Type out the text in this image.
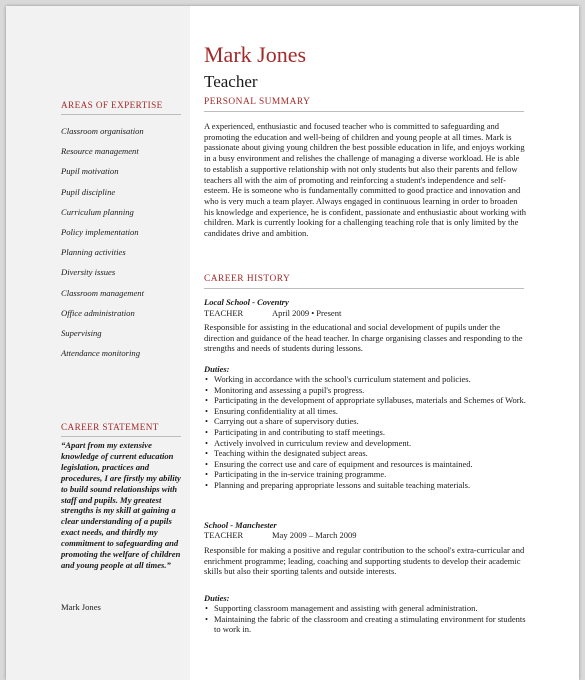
AREAS OF EXPERTISE
Classroom organisation
Resource management
Pupil motivation
Pupil discipline
Curriculum planning
Policy implementation
Planning activities
Diversity issues
Classroom management
Office administration
Supervising
Attendance monitoring
CAREER STATEMENT
“Apart from my extensive knowledge of current education legislation, practices and procedures, I are firstly my ability to build sound relationships with staff and pupils. My greatest strengths is my skill at gaining a clear understanding of a pupils exact needs, and thirdly my commitment to safeguarding and promoting the welfare of children and young people at all times.”
Mark Jones
Mark Jones
Teacher
PERSONAL SUMMARY

A experienced, enthusiastic and focused teacher who is committed to safeguarding and promoting the education and well-being of children and young people at all times. Mark is passionate about giving young children the best possible education in life, and enjoys working in a busy environment and relishes the challenge of managing a diverse workload. He is able to establish a supportive relationship with not only students but also their parents and fellow teachers all with the aim of promoting and reinforcing a student's independence and self-esteem. He is someone who is fundamentally committed to good practice and innovation and who is very much a team player. Always engaged in continuous learning in order to broaden his knowledge and experience, he is confident, passionate and enthusiastic about working with children. Mark is currently looking for a challenging teaching role that is only limited by the candidates drive and ambition.

CAREER HISTORY
Local School - Coventry
TEACHER	April 2009 • Present

Responsible for assisting in the educational and social development of pupils under the direction and guidance of the head teacher. In charge organising classes and responding to the strengths and needs of students during lessons.

Duties:
• Working in accordance with the school's curriculum statement and policies.
• Monitoring and assessing a pupil's progress.
• Participating in the development of appropriate syllabuses, materials and Schemes of Work.
• Ensuring confidentiality at all times.
• Carrying out a share of supervisory duties.
• Participating in and contributing to staff meetings.
• Actively involved in curriculum review and development.
• Teaching within the designated subject areas.
• Ensuring the correct use and care of equipment and resources is maintained.
• Participating in the in-service training programme.
• Planning and preparing appropriate lessons and suitable teaching materials.
School - Manchester
TEACHER	May 2009 – March 2009

Responsible for making a positive and regular contribution to the school's extra-curricular and enrichment programme; leading, coaching and supporting students to develop their academic skills but also their sporting talents and outside interests.

Duties:
• Supporting classroom management and assisting with general administration.
• Maintaining the fabric of the classroom and creating a stimulating environment for students to work in.
